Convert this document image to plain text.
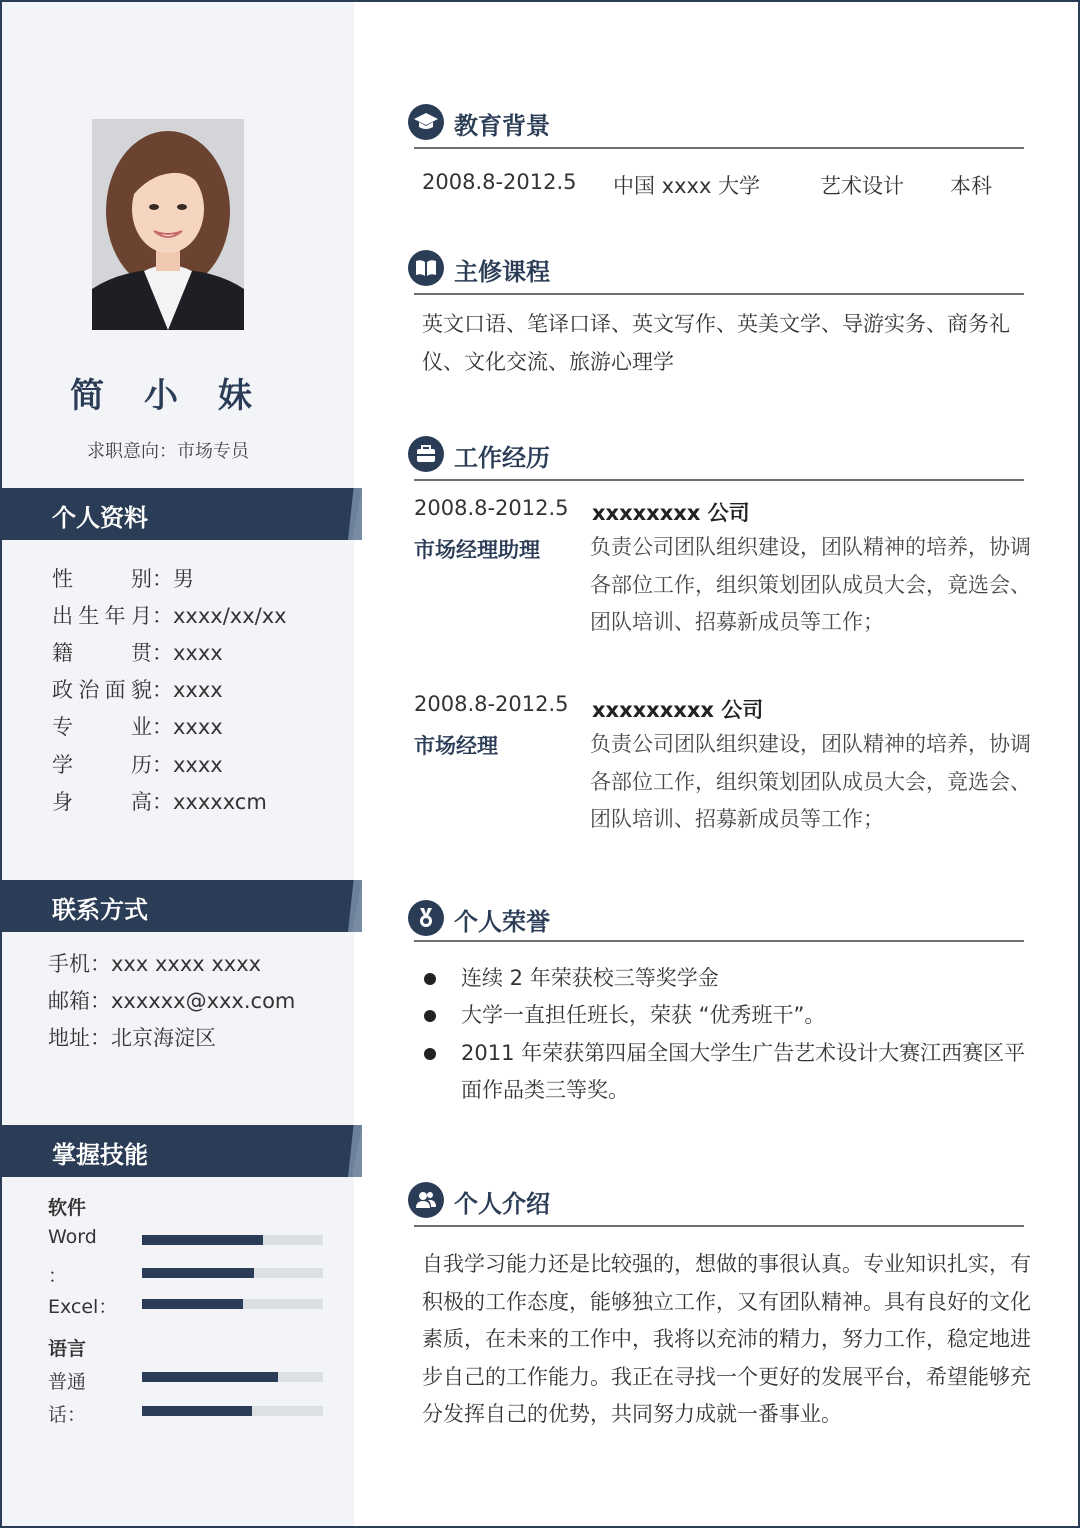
简 小 妹
求职意向：市场专员
个人资料
性别：男
出生年月：xxxx/xx/xx
籍贯：xxxx
政治面貌：xxxx
专业：xxxx
学历：xxxx
身高：xxxxxcm
联系方式
手机：xxx xxxx xxxx
邮箱：xxxxxx@xxx.com
地址：北京海淀区
掌握技能
软件
Word
：
Excel：
语言
普通
话：
教育背景
2008.8-2012.5 中国 xxxx 大学	艺术设计 本科
主修课程
英文口语、笔译口译、英文写作、英美文学、导游实务、商务礼仪、文化交流、旅游心理学
工作经历
2008.8-2012.5 xxxxxxxx 公司
市场经理助理 负责公司团队组织建设，团队精神的培养，协调各部位工作，组织策划团队成员大会，竟选会、团队培训、招募新成员等工作；
2008.8-2012.5 xxxxxxxxx 公司
市场经理	负责公司团队组织建设，团队精神的培养，协调各部位工作，组织策划团队成员大会，竟选会、团队培训、招募新成员等工作；
个人荣誉
连续 2 年荣获校三等奖学金
大学一直担任班长，荣获 “优秀班干”。
2011 年荣获第四届全国大学生广告艺术设计大赛江西赛区平 面作品类三等奖。
个人介绍
自我学习能力还是比较强的，想做的事很认真。专业知识扎实，有积极的工作态度，能够独立工作，又有团队精神。具有良好的文化素质，在未来的工作中，我将以充沛的精力，努力工作，稳定地进步自己的工作能力。我正在寻找一个更好的发展平台，希望能够充分发挥自己的优势，共同努力成就一番事业。
